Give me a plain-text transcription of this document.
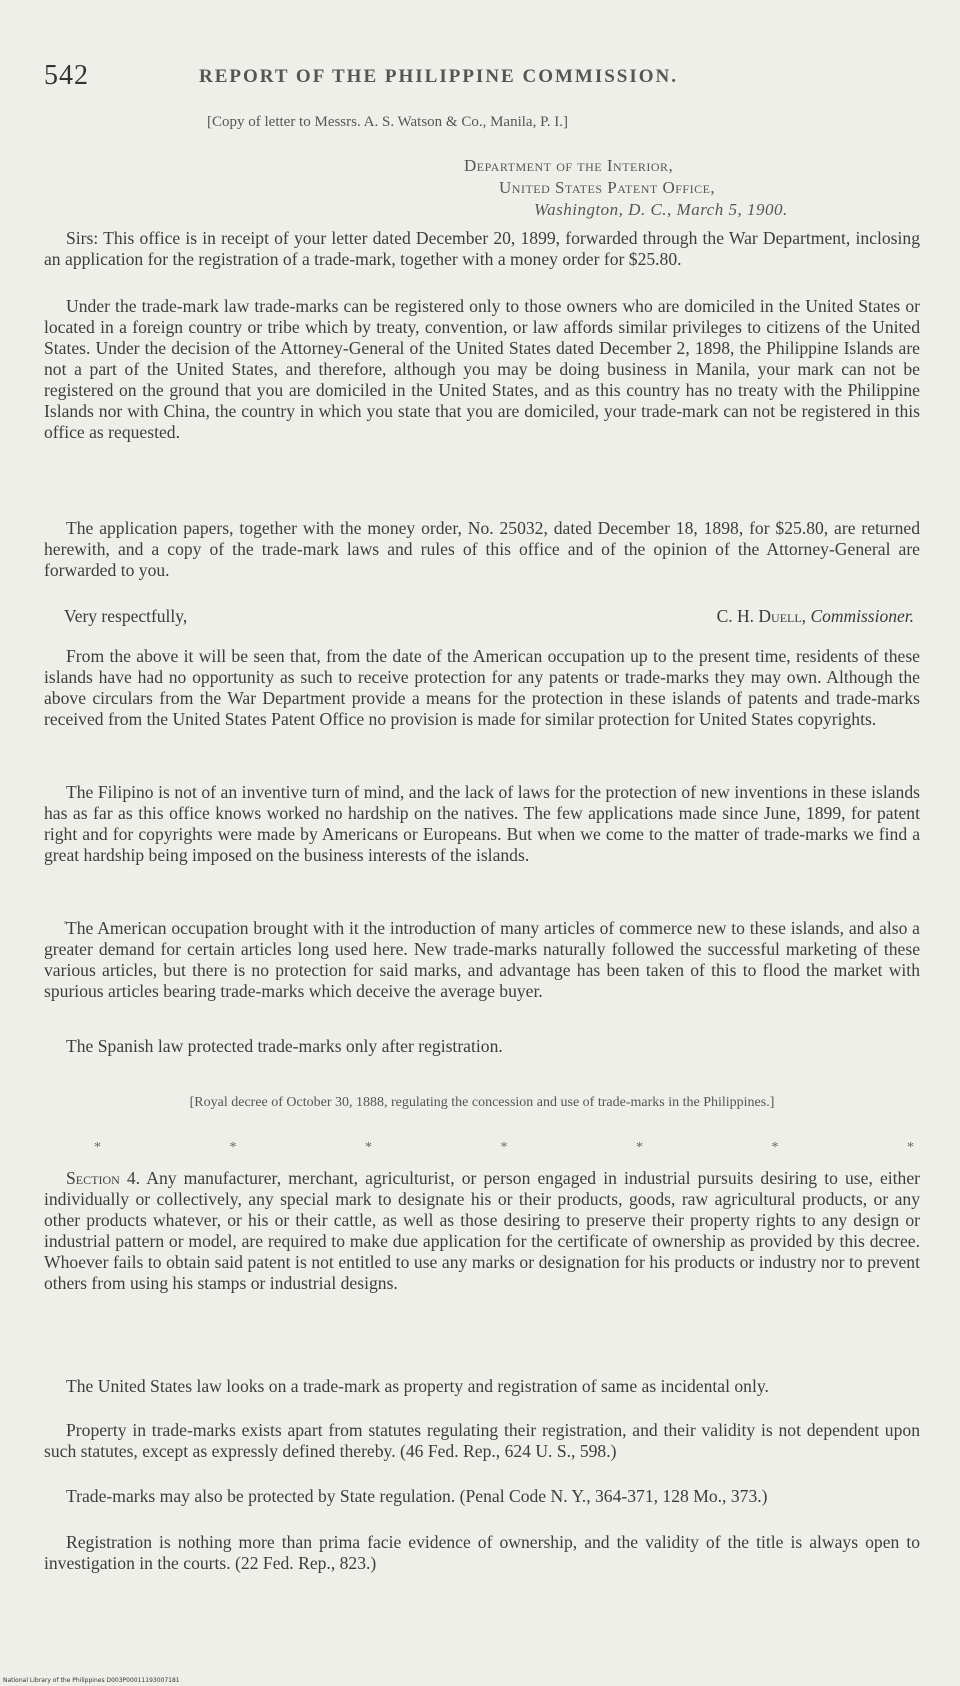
542	REPORT OF THE PHILIPPINE COMMISSION.
[Copy of letter to Messrs. A. S. Watson & Co., Manila, P. I.]
Department of the Interior,
United States Patent Office,
Washington, D. C., March 5, 1900.

Sirs: This office is in receipt of your letter dated December 20, 1899, forwarded through the War Department, inclosing an application for the registration of a trade-mark, together with a money order for $25.80.

Under the trade-mark law trade-marks can be registered only to those owners who are domiciled in the United States or located in a foreign country or tribe which by treaty, convention, or law affords similar privileges to citizens of the United States. Under the decision of the Attorney-General of the United States dated December 2, 1898, the Philippine Islands are not a part of the United States, and therefore, although you may be doing business in Manila, your mark can not be registered on the ground that you are domiciled in the United States, and as this country has no treaty with the Philippine Islands nor with China, the country in which you state that you are domiciled, your trade-mark can not be registered in this office as requested.

The application papers, together with the money order, No. 25032, dated December 18, 1898, for $25.80, are returned herewith, and a copy of the trade-mark laws and rules of this office and of the opinion of the Attorney-General are forwarded to you.

Very respectfully,	C. H. Duell, Commissioner.

From the above it will be seen that, from the date of the American occupation up to the present time, residents of these islands have had no opportunity as such to receive protection for any patents or trade-marks they may own. Although the above circulars from the War Department provide a means for the protection in these islands of patents and trade-marks received from the United States Patent Office no provision is made for similar protection for United States copyrights.

The Filipino is not of an inventive turn of mind, and the lack of laws for the protection of new inventions in these islands has as far as this office knows worked no hardship on the natives. The few applications made since June, 1899, for patent right and for copyrights were made by Americans or Europeans. But when we come to the matter of trade-marks we find a great hardship being imposed on the business interests of the islands.

The American occupation brought with it the introduction of many articles of commerce new to these islands, and also a greater demand for certain articles long used here. New trade-marks naturally followed the successful marketing of these various articles, but there is no protection for said marks, and advantage has been taken of this to flood the market with spurious articles bearing trade-marks which deceive the average buyer.

The Spanish law protected trade-marks only after registration.

[Royal decree of October 30, 1888, regulating the concession and use of trade-marks in the Philippines.]
*	*	*	*	*	*	*

Section 4. Any manufacturer, merchant, agriculturist, or person engaged in industrial pursuits desiring to use, either individually or collectively, any special mark to designate his or their products, goods, raw agricultural products, or any other products whatever, or his or their cattle, as well as those desiring to preserve their property rights to any design or industrial pattern or model, are required to make due application for the certificate of ownership as provided by this decree. Whoever fails to obtain said patent is not entitled to use any marks or designation for his products or industry nor to prevent others from using his stamps or industrial designs.

The United States law looks on a trade-mark as property and registration of same as incidental only.

Property in trade-marks exists apart from statutes regulating their registration, and their validity is not dependent upon such statutes, except as expressly defined thereby. (46 Fed. Rep., 624 U. S., 598.)

Trade-marks may also be protected by State regulation. (Penal Code N. Y., 364-371, 128 Mo., 373.)

Registration is nothing more than prima facie evidence of ownership, and the validity of the title is always open to investigation in the courts. (22 Fed. Rep., 823.)

National Library of the Philippines D003P00011193007181
